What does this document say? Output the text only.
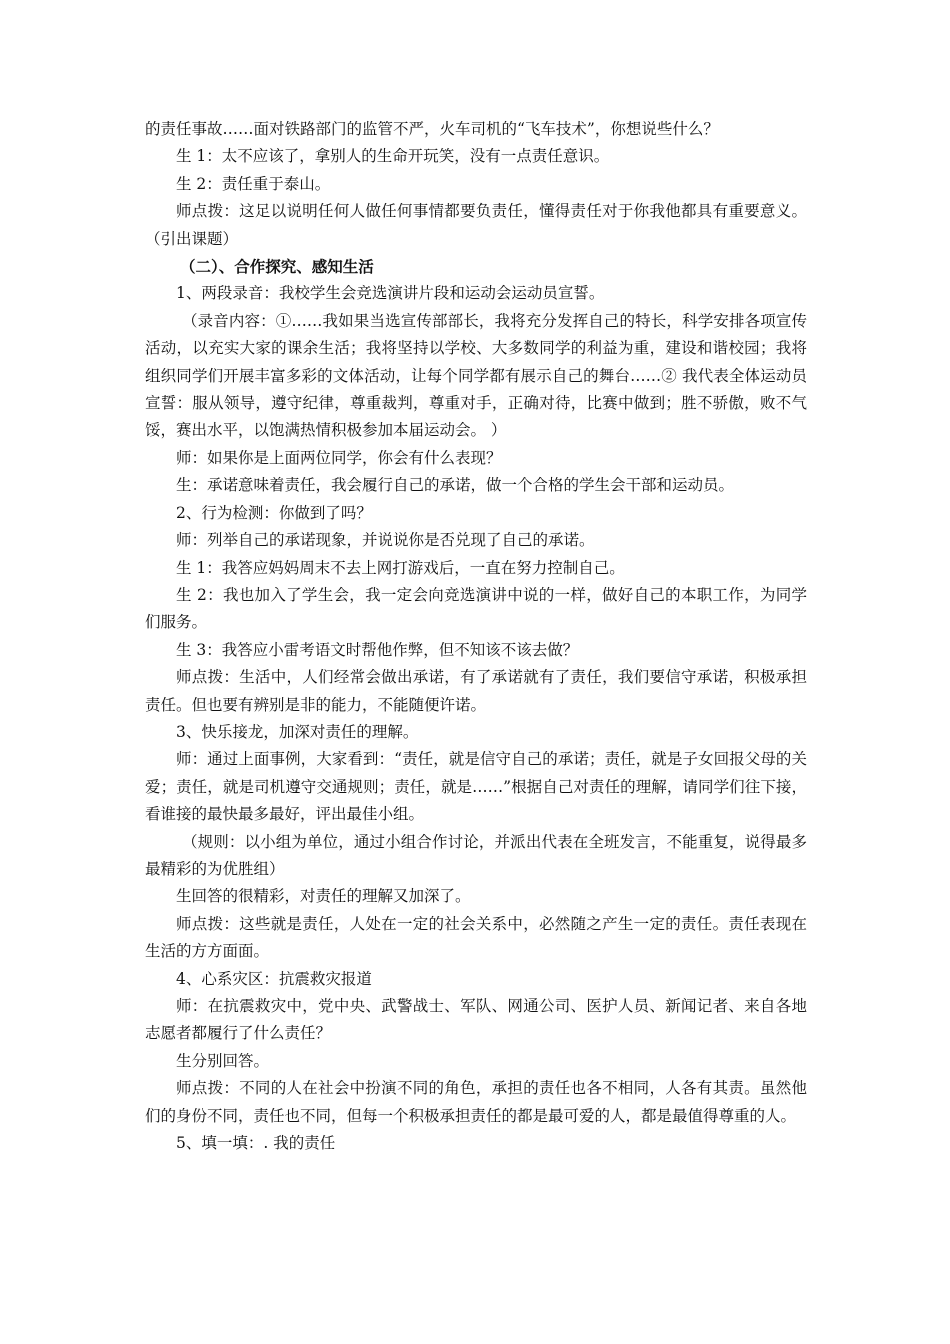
的责任事故……面对铁路部门的监管不严，火车司机的“飞车技术”，你想说些什么？

生 1：太不应该了，拿别人的生命开玩笑，没有一点责任意识。

生 2：责任重于泰山。

师点拨：这足以说明任何人做任何事情都要负责任，懂得责任对于你我他都具有重要意义。（引出课题）

（二）、合作探究、感知生活

1、两段录音：我校学生会竞选演讲片段和运动会运动员宣誓。

（录音内容：①……我如果当选宣传部部长，我将充分发挥自己的特长，科学安排各项宣传活动，以充实大家的课余生活；我将坚持以学校、大多数同学的利益为重，建设和谐校园；我将组织同学们开展丰富多彩的文体活动，让每个同学都有展示自己的舞台……② 我代表全体运动员宣誓：服从领导，遵守纪律，尊重裁判，尊重对手，正确对待，比赛中做到；胜不骄傲，败不气馁，赛出水平，以饱满热情积极参加本届运动会。 ）

师：如果你是上面两位同学，你会有什么表现？

生：承诺意味着责任，我会履行自己的承诺，做一个合格的学生会干部和运动员。

2、行为检测：你做到了吗？

师：列举自己的承诺现象，并说说你是否兑现了自己的承诺。

生 1：我答应妈妈周末不去上网打游戏后，一直在努力控制自己。

生 2：我也加入了学生会，我一定会向竞选演讲中说的一样，做好自己的本职工作，为同学们服务。

生 3：我答应小雷考语文时帮他作弊，但不知该不该去做？

师点拨：生活中，人们经常会做出承诺，有了承诺就有了责任，我们要信守承诺，积极承担责任。但也要有辨别是非的能力，不能随便许诺。

3、快乐接龙，加深对责任的理解。

师：通过上面事例，大家看到：“责任，就是信守自己的承诺；责任，就是子女回报父母的关爱；责任，就是司机遵守交通规则；责任，就是……”根据自己对责任的理解，请同学们往下接，看谁接的最快最多最好，评出最佳小组。

（规则：以小组为单位，通过小组合作讨论，并派出代表在全班发言，不能重复，说得最多最精彩的为优胜组）

生回答的很精彩，对责任的理解又加深了。

师点拨：这些就是责任，人处在一定的社会关系中，必然随之产生一定的责任。责任表现在生活的方方面面。

4、心系灾区：抗震救灾报道

师：在抗震救灾中，党中央、武警战士、军队、网通公司、医护人员、新闻记者、来自各地志愿者都履行了什么责任？

生分别回答。

师点拨：不同的人在社会中扮演不同的角色，承担的责任也各不相同，人各有其责。虽然他们的身份不同，责任也不同，但每一个积极承担责任的都是最可爱的人，都是最值得尊重的人。

5、填一填：. 我的责任
